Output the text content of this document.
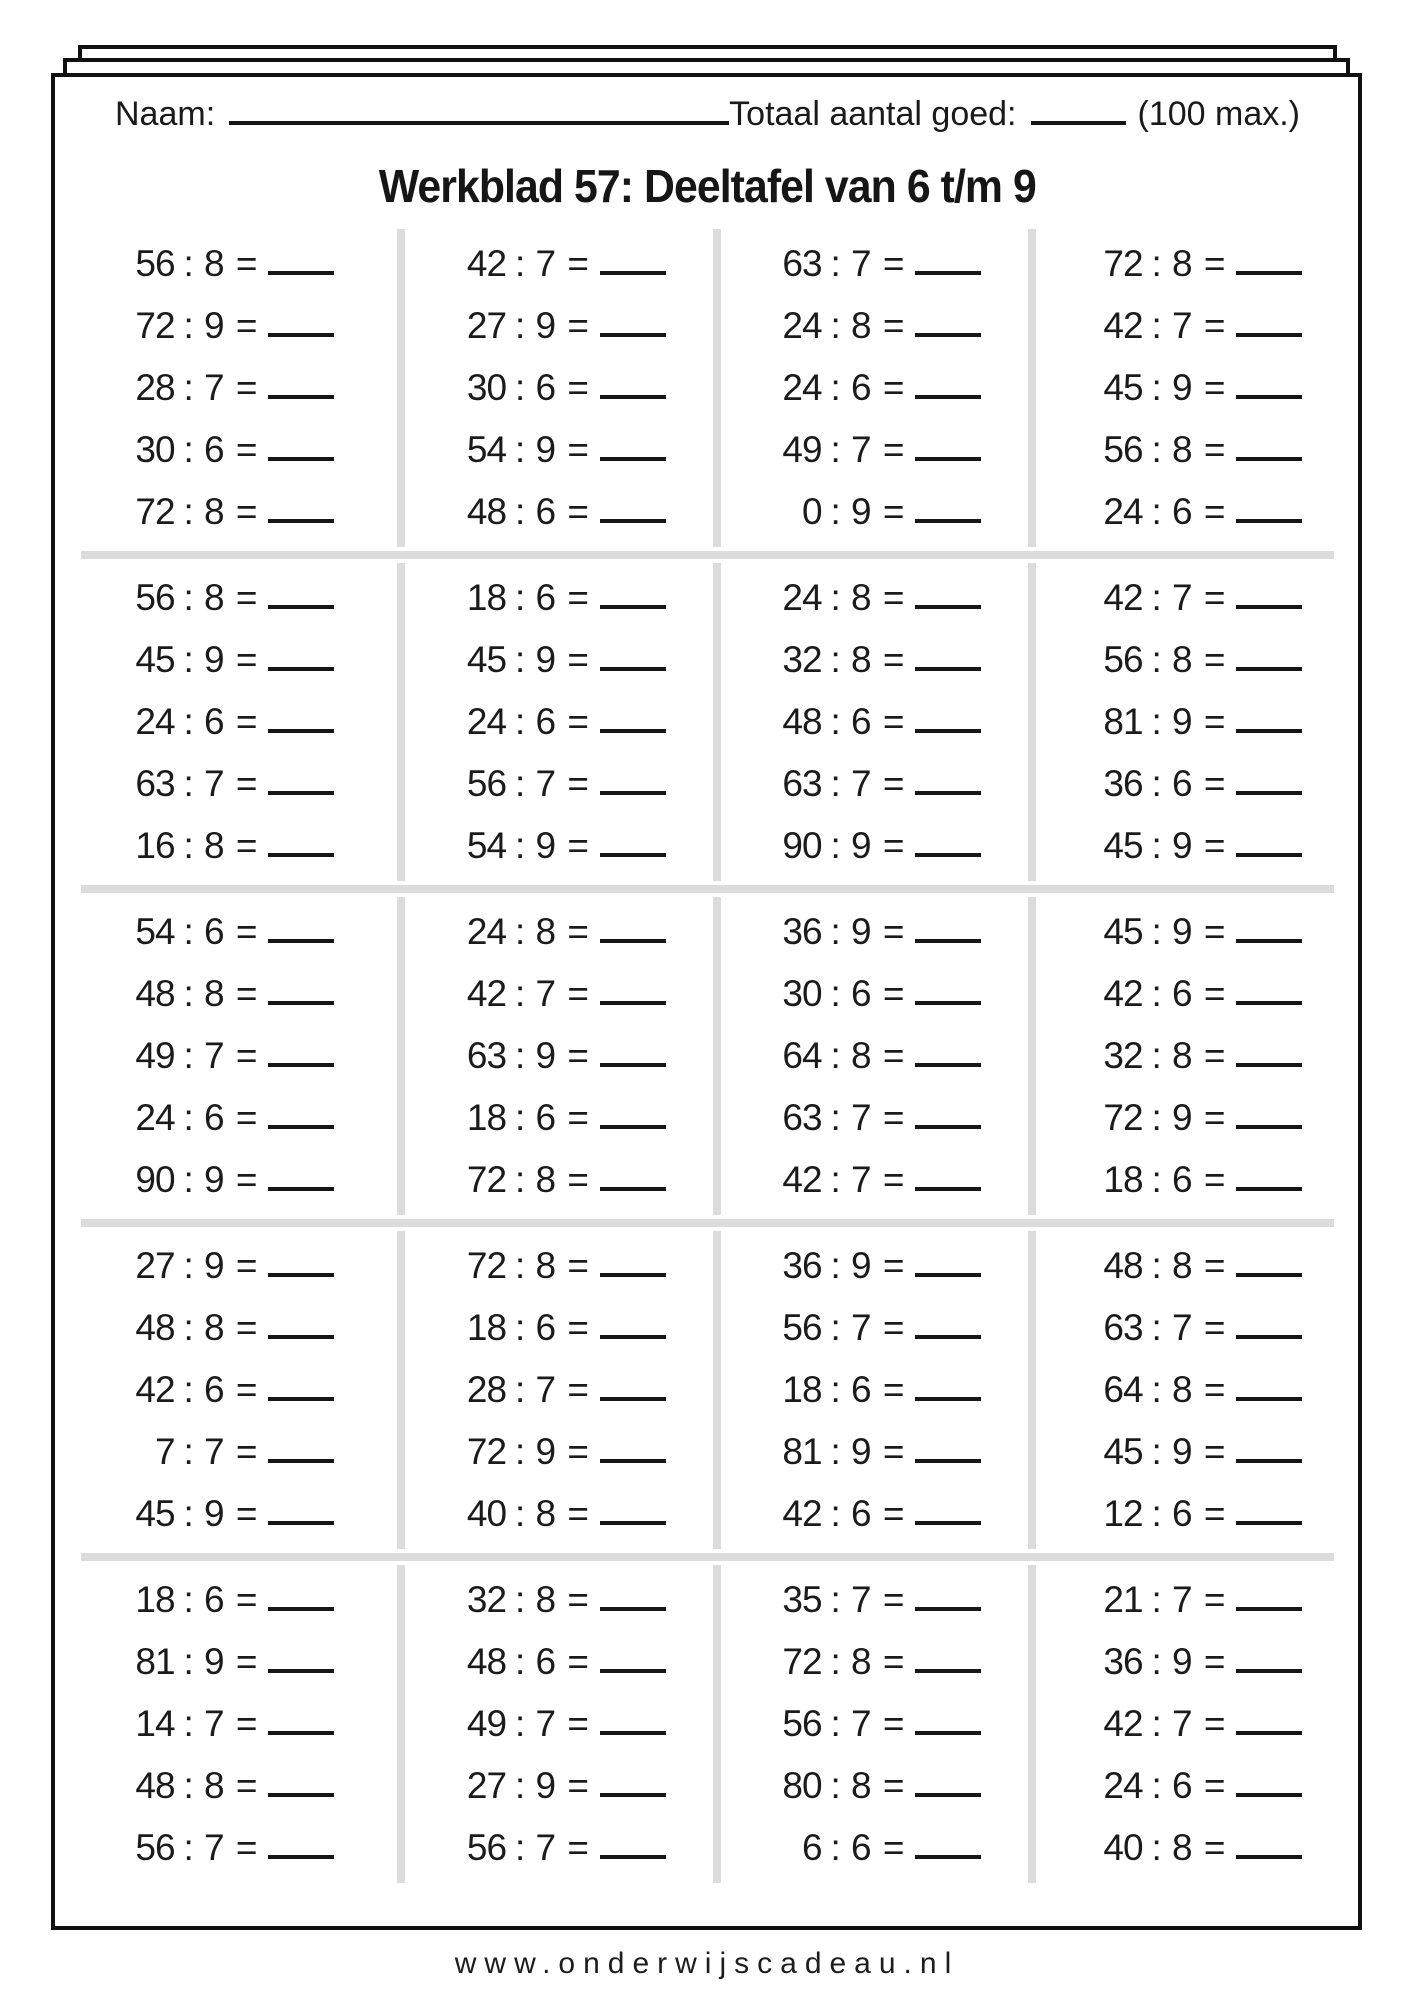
Naam:	Totaal aantal goed:	(100 max.)
Werkblad 57: Deeltafel van 6 t/m 9
56 : 8 =
72 : 9 =
28 : 7 =
30 : 6 =
72 : 8 =
42 : 7 =
27 : 9 =
30 : 6 =
54 : 9 =
48 : 6 =
63 : 7 =
24 : 8 =
24 : 6 =
49 : 7 =
0 : 9 =
72 : 8 =
42 : 7 =
45 : 9 =
56 : 8 =
24 : 6 =
56 : 8 =
45 : 9 =
24 : 6 =
63 : 7 =
16 : 8 =
18 : 6 =
45 : 9 =
24 : 6 =
56 : 7 =
54 : 9 =
24 : 8 =
32 : 8 =
48 : 6 =
63 : 7 =
90 : 9 =
42 : 7 =
56 : 8 =
81 : 9 =
36 : 6 =
45 : 9 =
54 : 6 =
48 : 8 =
49 : 7 =
24 : 6 =
90 : 9 =
24 : 8 =
42 : 7 =
63 : 9 =
18 : 6 =
72 : 8 =
36 : 9 =
30 : 6 =
64 : 8 =
63 : 7 =
42 : 7 =
45 : 9 =
42 : 6 =
32 : 8 =
72 : 9 =
18 : 6 =
27 : 9 =
48 : 8 =
42 : 6 =
7 : 7 =
45 : 9 =
72 : 8 =
18 : 6 =
28 : 7 =
72 : 9 =
40 : 8 =
36 : 9 =
56 : 7 =
18 : 6 =
81 : 9 =
42 : 6 =
48 : 8 =
63 : 7 =
64 : 8 =
45 : 9 =
12 : 6 =
18 : 6 =
81 : 9 =
14 : 7 =
48 : 8 =
56 : 7 =
32 : 8 =
48 : 6 =
49 : 7 =
27 : 9 =
56 : 7 =
35 : 7 =
72 : 8 =
56 : 7 =
80 : 8 =
6 : 6 =
21 : 7 =
36 : 9 =
42 : 7 =
24 : 6 =
40 : 8 =
www.onderwijscadeau.nl
